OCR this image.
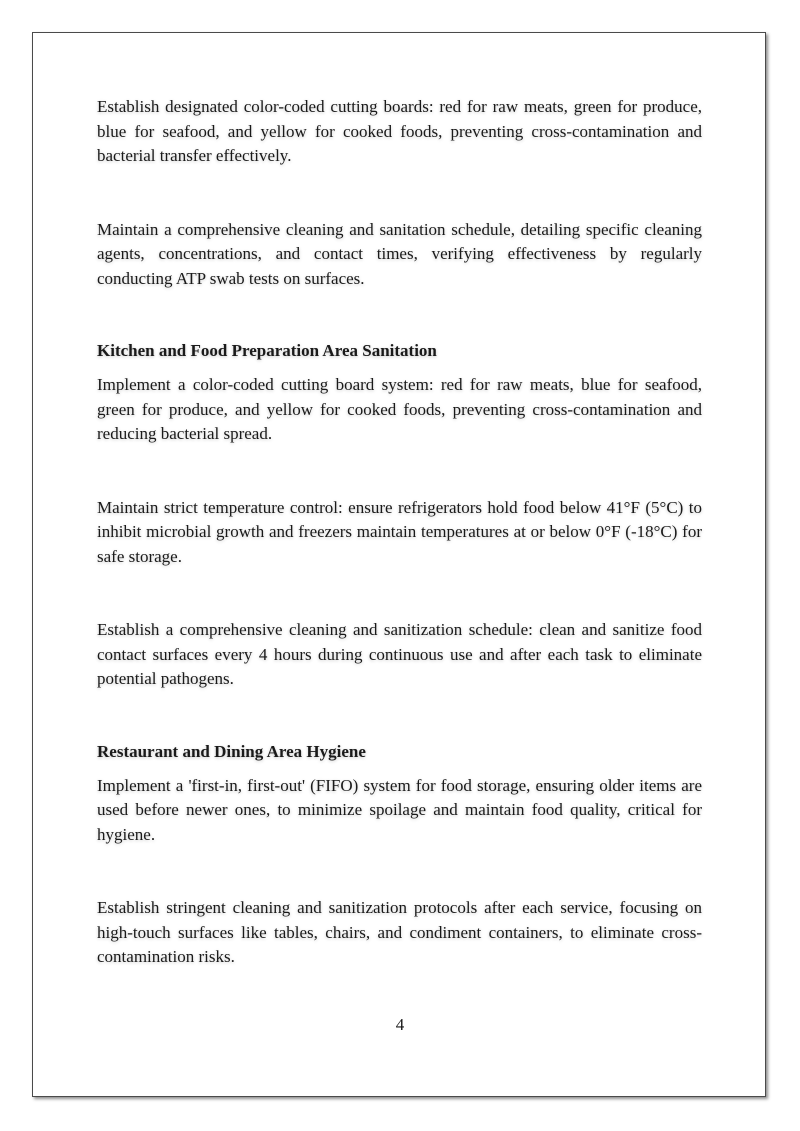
Establish designated color-coded cutting boards: red for raw meats, green for produce, blue for seafood, and yellow for cooked foods, preventing cross-contamination and bacterial transfer effectively.

Maintain a comprehensive cleaning and sanitation schedule, detailing specific cleaning agents, concentrations, and contact times, verifying effectiveness by regularly conducting ATP swab tests on surfaces.

Kitchen and Food Preparation Area Sanitation

Implement a color-coded cutting board system: red for raw meats, blue for seafood, green for produce, and yellow for cooked foods, preventing cross-contamination and reducing bacterial spread.

Maintain strict temperature control: ensure refrigerators hold food below 41°F (5°C) to inhibit microbial growth and freezers maintain temperatures at or below 0°F (-18°C) for safe storage.

Establish a comprehensive cleaning and sanitization schedule: clean and sanitize food contact surfaces every 4 hours during continuous use and after each task to eliminate potential pathogens.

Restaurant and Dining Area Hygiene

Implement a 'first-in, first-out' (FIFO) system for food storage, ensuring older items are used before newer ones, to minimize spoilage and maintain food quality, critical for hygiene.

Establish stringent cleaning and sanitization protocols after each service, focusing on high-touch surfaces like tables, chairs, and condiment containers, to eliminate cross-contamination risks.

4
